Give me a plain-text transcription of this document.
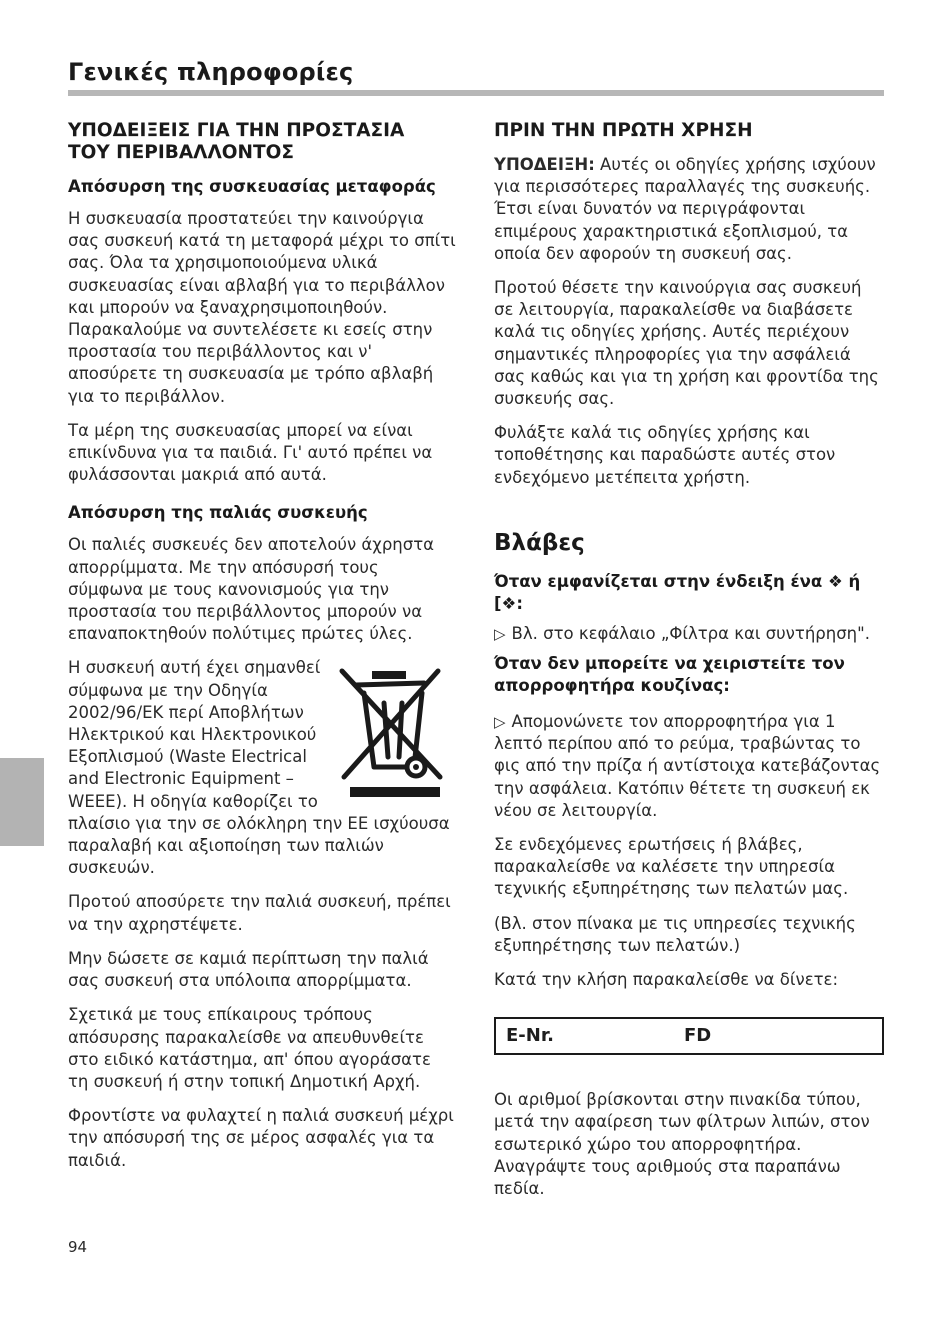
Γενικές πληροφορίες
ΥΠΟΔΕΙΞΕΙΣ ΓΙΑ ΤΗΝ ΠΡΟΣΤΑΣΙΑ
ΤΟΥ ΠΕΡΙΒΑΛΛΟΝΤΟΣ
Απόσυρση της συσκευασίας μεταφοράς

Η συσκευασία προστατεύει την καινούργια σας συσκευή κατά τη μεταφορά μέχρι το σπίτι σας. Όλα τα χρησιμοποιούμενα υλικά συσκευασίας είναι αβλαβή για το περιβάλλον και μπορούν να ξαναχρησιμοποιηθούν. Παρακαλούμε να συντελέσετε κι εσείς στην προστασία του περιβάλλοντος και ν' αποσύρετε τη συσκευασία με τρόπο αβλαβή για το περιβάλλον.

Τα μέρη της συσκευασίας μπορεί να είναι επικίνδυνα για τα παιδιά. Γι' αυτό πρέπει να φυλάσσονται μακριά από αυτά.

Απόσυρση της παλιάς συσκευής

Οι παλιές συσκευές δεν αποτελούν άχρηστα απορρίμματα. Με την απόσυρσή τους σύμφωνα με τους κανονισμούς για την προστασία του περιβάλλοντος μπορούν να επαναποκτηθούν πολύτιμες πρώτες ύλες.

Η συσκευή αυτή έχει σημανθεί σύμφωνα με την Οδηγία 2002/96/ΕΚ περί Αποβλήτων Ηλεκτρικού και Ηλεκτρονικού Εξοπλισμού (Waste Electrical and Electronic Equipment – WEEE). Η οδηγία καθορίζει το πλαίσιο για την σε ολόκληρη την ΕΕ ισχύουσα παραλαβή και αξιοποίηση των παλιών συσκευών.

Προτού αποσύρετε την παλιά συσκευή, πρέπει να την αχρηστέψετε.

Μην δώσετε σε καμιά περίπτωση την παλιά σας συσκευή στα υπόλοιπα απορρίμματα.

Σχετικά με τους επίκαιρους τρόπους απόσυρσης παρακαλείσθε να απευθυνθείτε στο ειδικό κατάστημα, απ' όπου αγοράσατε τη συσκευή ή στην τοπική Δημοτική Αρχή.

Φροντίστε να φυλαχτεί η παλιά συσκευή μέχρι την απόσυρσή της σε μέρος ασφαλές για τα παιδιά.

ΠΡΙΝ ΤΗΝ ΠΡΩΤΗ ΧΡΗΣΗ

ΥΠΟΔΕΙΞΗ: Αυτές οι οδηγίες χρήσης ισχύουν για περισσότερες παραλλαγές της συσκευής. Έτσι είναι δυνατόν να περιγράφονται επιμέρους χαρακτηριστικά εξοπλισμού, τα οποία δεν αφορούν τη συσκευή σας.

Προτού θέσετε την καινούργια σας συσκευή σε λειτουργία, παρακαλείσθε να διαβάσετε καλά τις οδηγίες χρήσης. Αυτές περιέχουν σημαντικές πληροφορίες για την ασφάλειά σας καθώς και για τη χρήση και φροντίδα της συσκευής σας.

Φυλάξτε καλά τις οδηγίες χρήσης και τοποθέτησης και παραδώστε αυτές στον ενδεχόμενο μετέπειτα χρήστη.

Βλάβες
Όταν εμφανίζεται στην ένδειξη ένα ❖ ή
[❖:

▷ Βλ. στο κεφάλαιο „Φίλτρα και συντήρηση".

Όταν δεν μπορείτε να χειριστείτε τον απορροφητήρα κουζίνας:

▷ Απομονώνετε τον απορροφητήρα για 1 λεπτό περίπου από το ρεύμα, τραβώντας το φις από την πρίζα ή αντίστοιχα κατεβάζοντας την ασφάλεια. Κατόπιν θέτετε τη συσκευή εκ νέου σε λειτουργία.

Σε ενδεχόμενες ερωτήσεις ή βλάβες, παρακαλείσθε να καλέσετε την υπηρεσία τεχνικής εξυπηρέτησης των πελατών μας.

(Βλ. στον πίνακα με τις υπηρεσίες τεχνικής εξυπηρέτησης των πελατών.)

Κατά την κλήση παρακαλείσθε να δίνετε:

E-Nr.	FD

Οι αριθμοί βρίσκονται στην πινακίδα τύπου, μετά την αφαίρεση των φίλτρων λιπών, στον εσωτερικό χώρο του απορροφητήρα. Αναγράψτε τους αριθμούς στα παραπάνω πεδία.

94
